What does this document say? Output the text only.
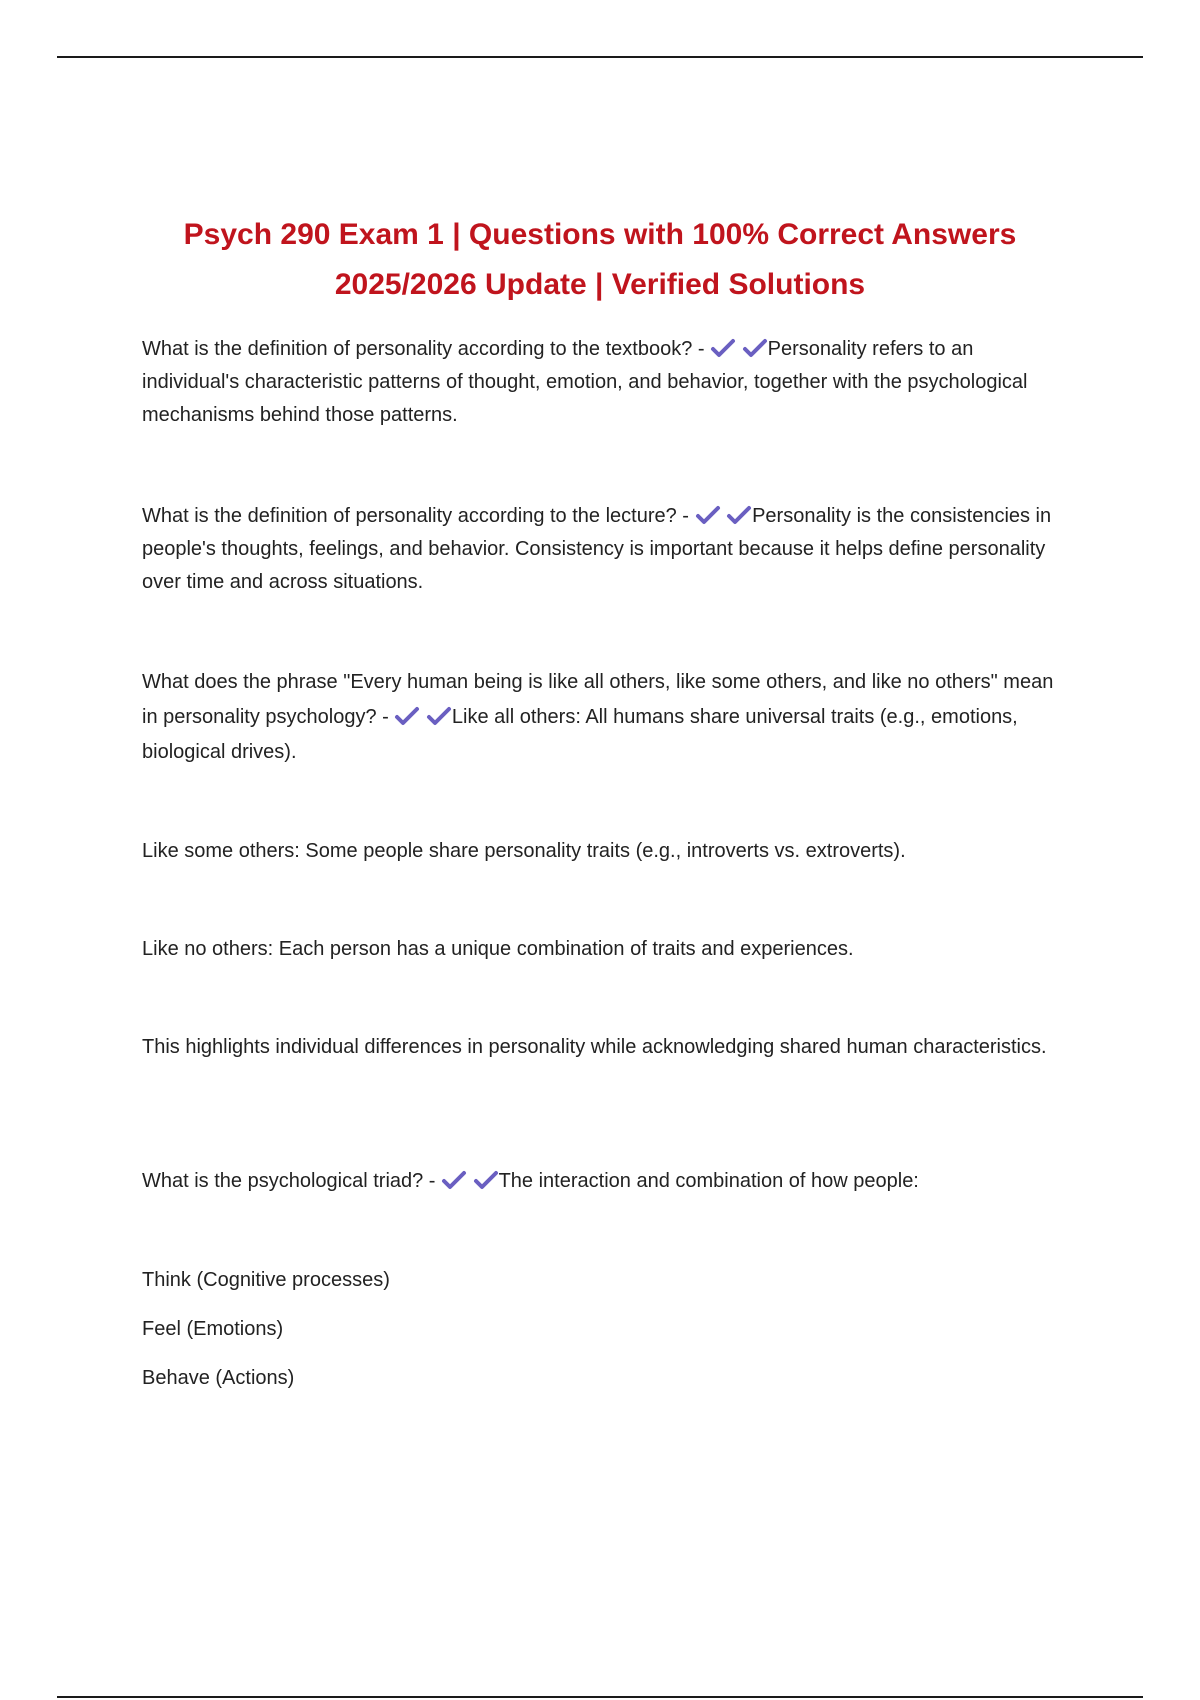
Psych 290 Exam 1 | Questions with 100% Correct Answers
2025/2026 Update | Verified Solutions

What is the definition of personality according to the textbook? -
	Personality refers to an individual's characteristic patterns of thought, emotion, and behavior, together with the psychological mechanisms behind those patterns.

What is the definition of personality according to the lecture? -
	Personality is the consistencies in people's thoughts, feelings, and behavior. Consistency is important because it helps define personality over time and across situations.

What does the phrase "Every human being is like all others, like some others, and like no others" mean in personality psychology? -
	Like all others: All humans share universal traits (e.g., emotions, biological drives).

Like some others: Some people share personality traits (e.g., introverts vs. extroverts).

Like no others: Each person has a unique combination of traits and experiences.

This highlights individual differences in personality while acknowledging shared human characteristics.

What is the psychological triad? -
	The interaction and combination of how people:

Think (Cognitive processes)

Feel (Emotions)

Behave (Actions)
